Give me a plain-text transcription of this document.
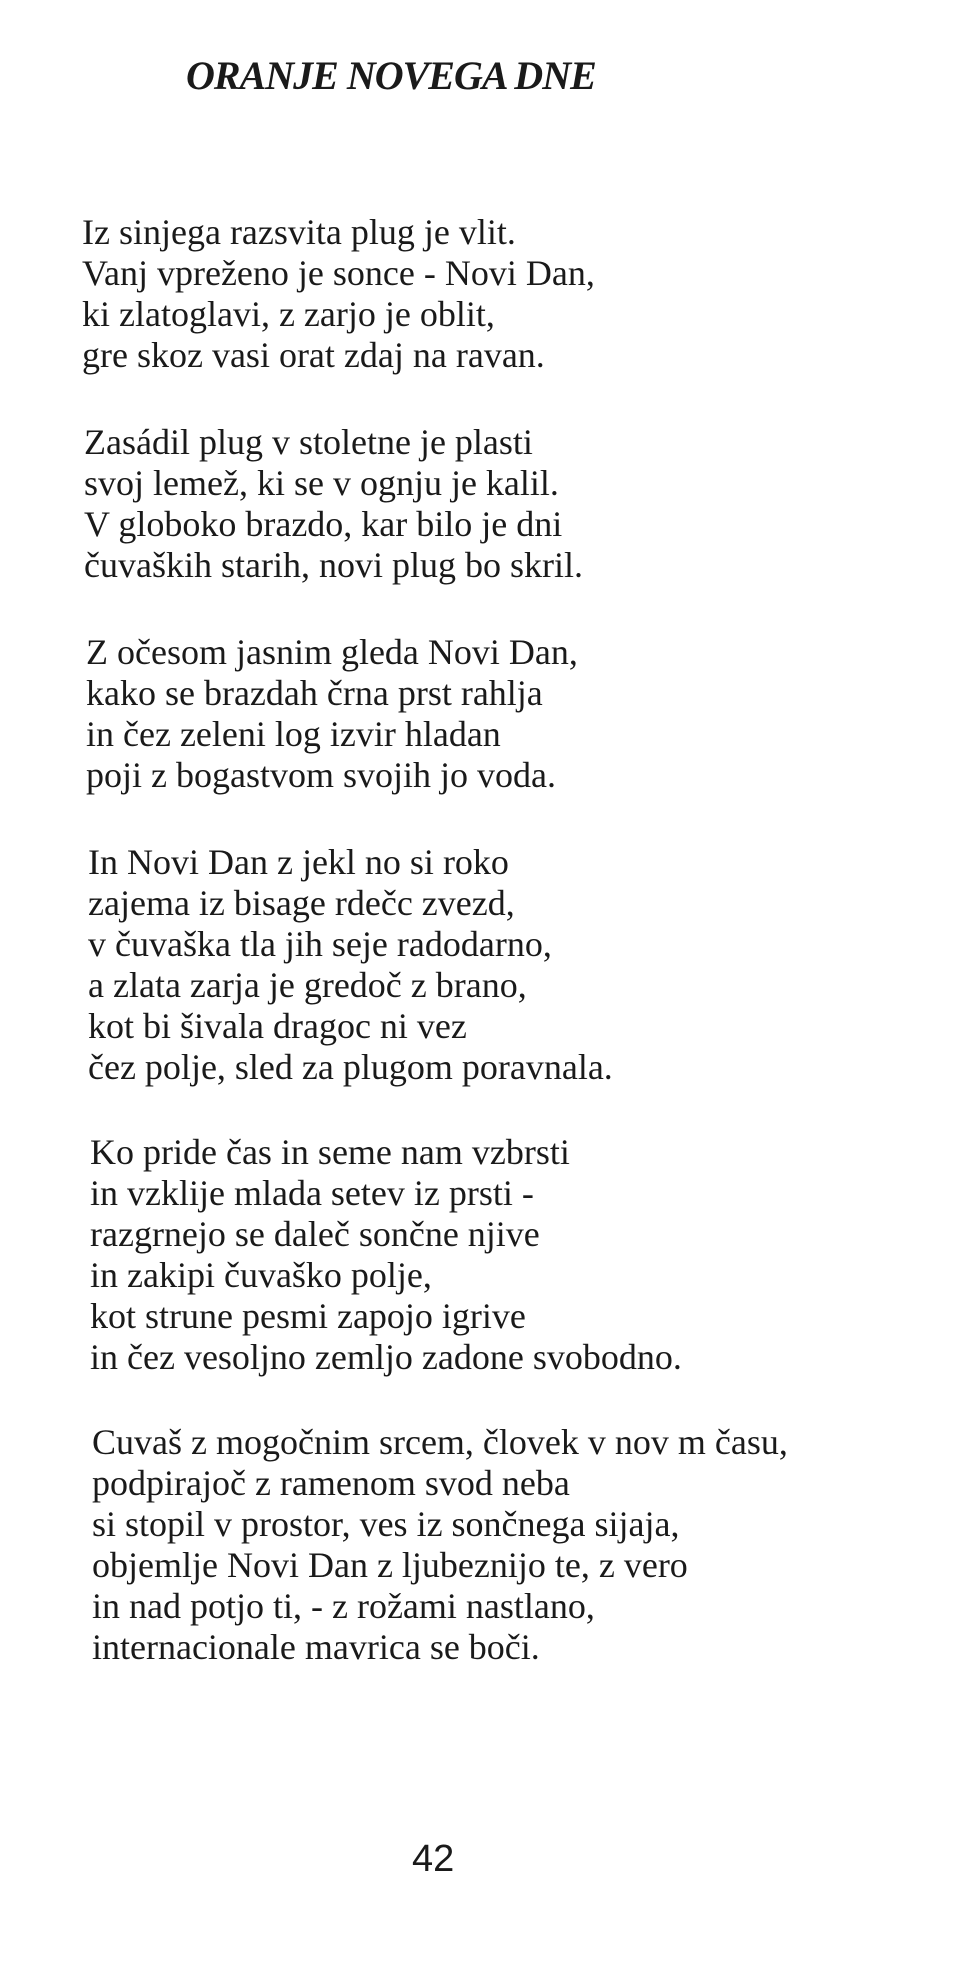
ORANJE NOVEGA DNE
Iz sinjega razsvita plug je vlit.
Vanj vpreženo je sonce - Novi Dan,
ki zlatoglavi, z zarjo je oblit,
gre skoz vasi orat zdaj na ravan.
Zasádil plug v stoletne je plasti
svoj lemež, ki se v ognju je kalil.
V globoko brazdo, kar bilo je dni
čuvaških starih, novi plug bo skril.
Z očesom jasnim gleda Novi Dan,
kako se brazdah črna prst rahlja
in čez zeleni log izvir hladan
poji z bogastvom svojih jo voda.
In Novi Dan z jekl no si roko
zajema iz bisage rdečc zvezd,
v čuvaška tla jih seje radodarno,
a zlata zarja je gredoč z brano,
kot bi šivala dragoc ni vez
čez polje, sled za plugom poravnala.
Ko pride čas in seme nam vzbrsti
in vzklije mlada setev iz prsti -
razgrnejo se daleč sončne njive
in zakipi čuvaško polje,
kot strune pesmi zapojo igrive
in čez vesoljno zemljo zadone svobodno.
Cuvaš z mogočnim srcem, človek v nov m času,
podpirajoč z ramenom svod neba
si stopil v prostor, ves iz sončnega sijaja,
objemlje Novi Dan z ljubeznijo te, z vero
in nad potjo ti, - z rožami nastlano,
internacionale mavrica se boči.
42
